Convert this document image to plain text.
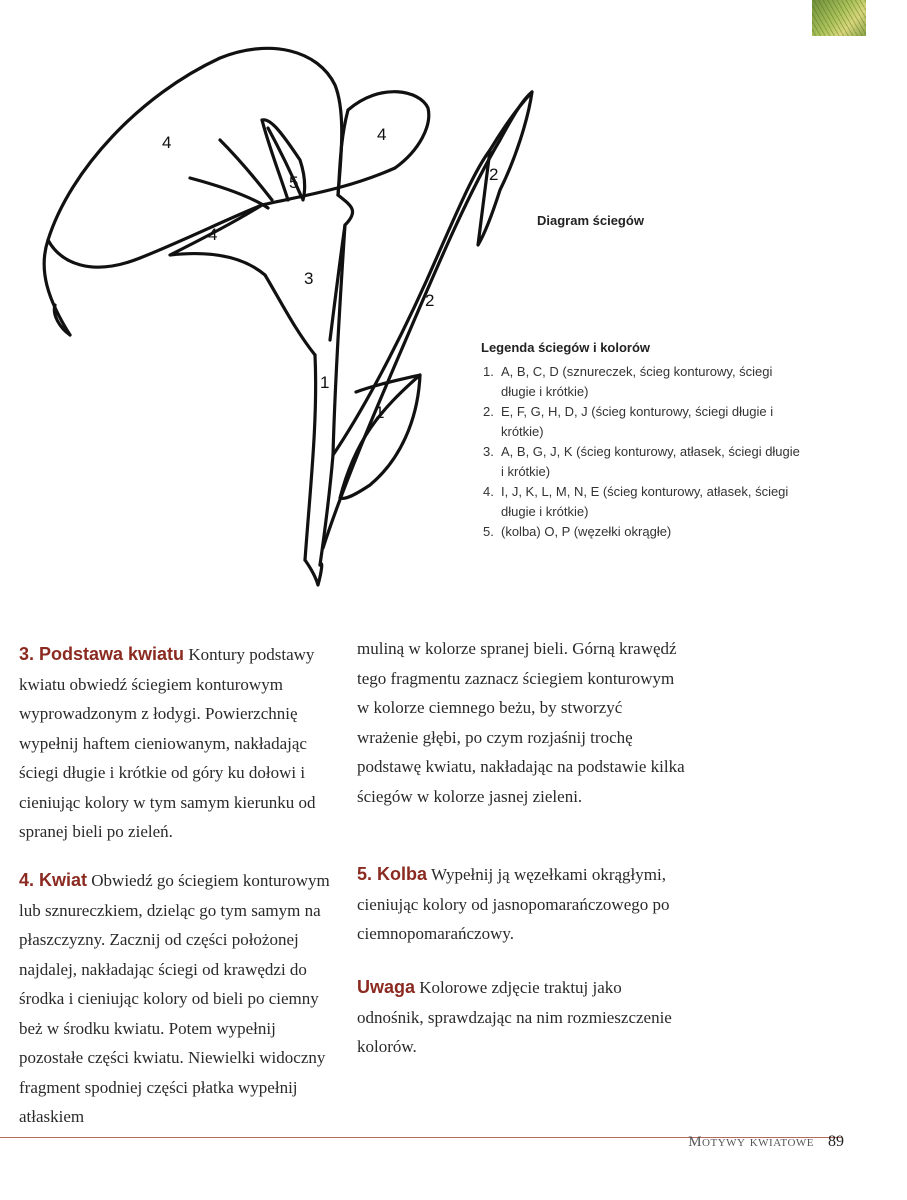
4	4
5
4
3
2
2
1
1
Diagram ściegów
Legenda ściegów i kolorów
1. A, B, C, D (sznureczek, ścieg konturowy, ściegi długie i krótkie)
2. E, F, G, H, D, J (ścieg konturowy, ściegi długie i krótkie)
3. A, B, G, J, K (ścieg konturowy, atłasek, ściegi długie i krótkie)
4. I, J, K, L, M, N, E (ścieg konturowy, atłasek, ściegi długie i krótkie)
5. (kolba) O, P (węzełki okrągłe)

3. Podstawa kwiatu Kontury podstawy kwiatu obwiedź ściegiem konturowym wyprowadzonym z łodygi. Powierzchnię wypełnij haftem cieniowanym, nakładając ściegi długie i krótkie od góry ku dołowi i cieniując kolory w tym samym kierunku od spranej bieli po zieleń.

muliną w kolorze spranej bieli. Górną krawędź tego fragmentu zaznacz ściegiem konturowym w kolorze ciemnego beżu, by stworzyć wrażenie głębi, po czym rozjaśnij trochę podstawę kwiatu, nakładając na podstawie kilka ściegów w kolorze jasnej zieleni.

4. Kwiat Obwiedź go ściegiem konturowym lub sznureczkiem, dzieląc go tym samym na płaszczyzny. Zacznij od części położonej najdalej, nakładając ściegi od krawędzi do środka i cieniując kolory od bieli po ciemny beż w środku kwiatu. Potem wypełnij pozostałe części kwiatu. Niewielki widoczny fragment spodniej części płatka wypełnij atłaskiem

5. Kolba Wypełnij ją węzełkami okrągłymi, cieniując kolory od jasnopomarańczowego po ciemnopomarańczowy.

Uwaga Kolorowe zdjęcie traktuj jako odnośnik, sprawdzając na nim rozmieszczenie kolorów.

Motywy kwiatowe 89
